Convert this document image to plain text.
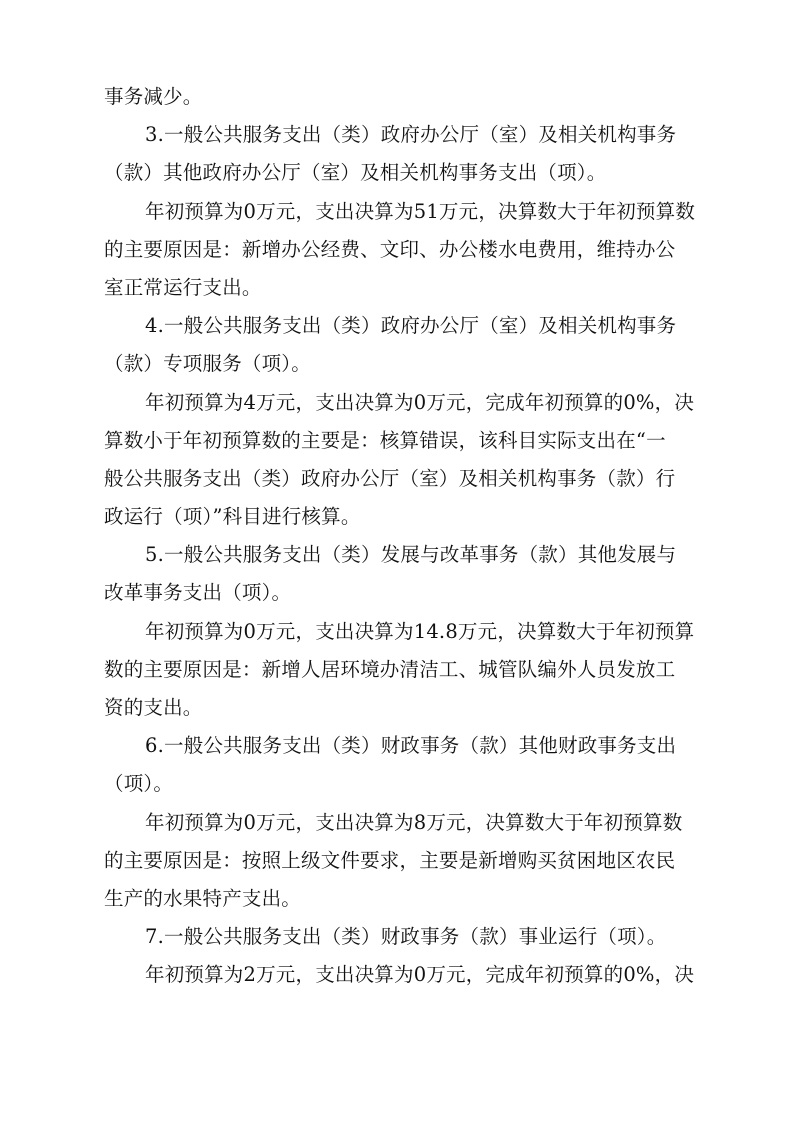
事务减少。
3.一般公共服务支出（类）政府办公厅（室）及相关机构事务
（款）其他政府办公厅（室）及相关机构事务支出（项）。
年初预算为0万元，支出决算为51万元，决算数大于年初预算数
的主要原因是：新增办公经费、文印、办公楼水电费用，维持办公
室正常运行支出。
4.一般公共服务支出（类）政府办公厅（室）及相关机构事务
（款）专项服务（项）。
年初预算为4万元，支出决算为0万元，完成年初预算的0%，决
算数小于年初预算数的主要是：核算错误，该科目实际支出在“一
般公共服务支出（类）政府办公厅（室）及相关机构事务（款）行
政运行（项）”科目进行核算。
5.一般公共服务支出（类）发展与改革事务（款）其他发展与
改革事务支出（项）。
年初预算为0万元，支出决算为14.8万元，决算数大于年初预算
数的主要原因是：新增人居环境办清洁工、城管队编外人员发放工
资的支出。
6.一般公共服务支出（类）财政事务（款）其他财政事务支出
（项）。
年初预算为0万元，支出决算为8万元，决算数大于年初预算数
的主要原因是：按照上级文件要求，主要是新增购买贫困地区农民
生产的水果特产支出。
7.一般公共服务支出（类）财政事务（款）事业运行（项）。
年初预算为2万元，支出决算为0万元，完成年初预算的0%，决
